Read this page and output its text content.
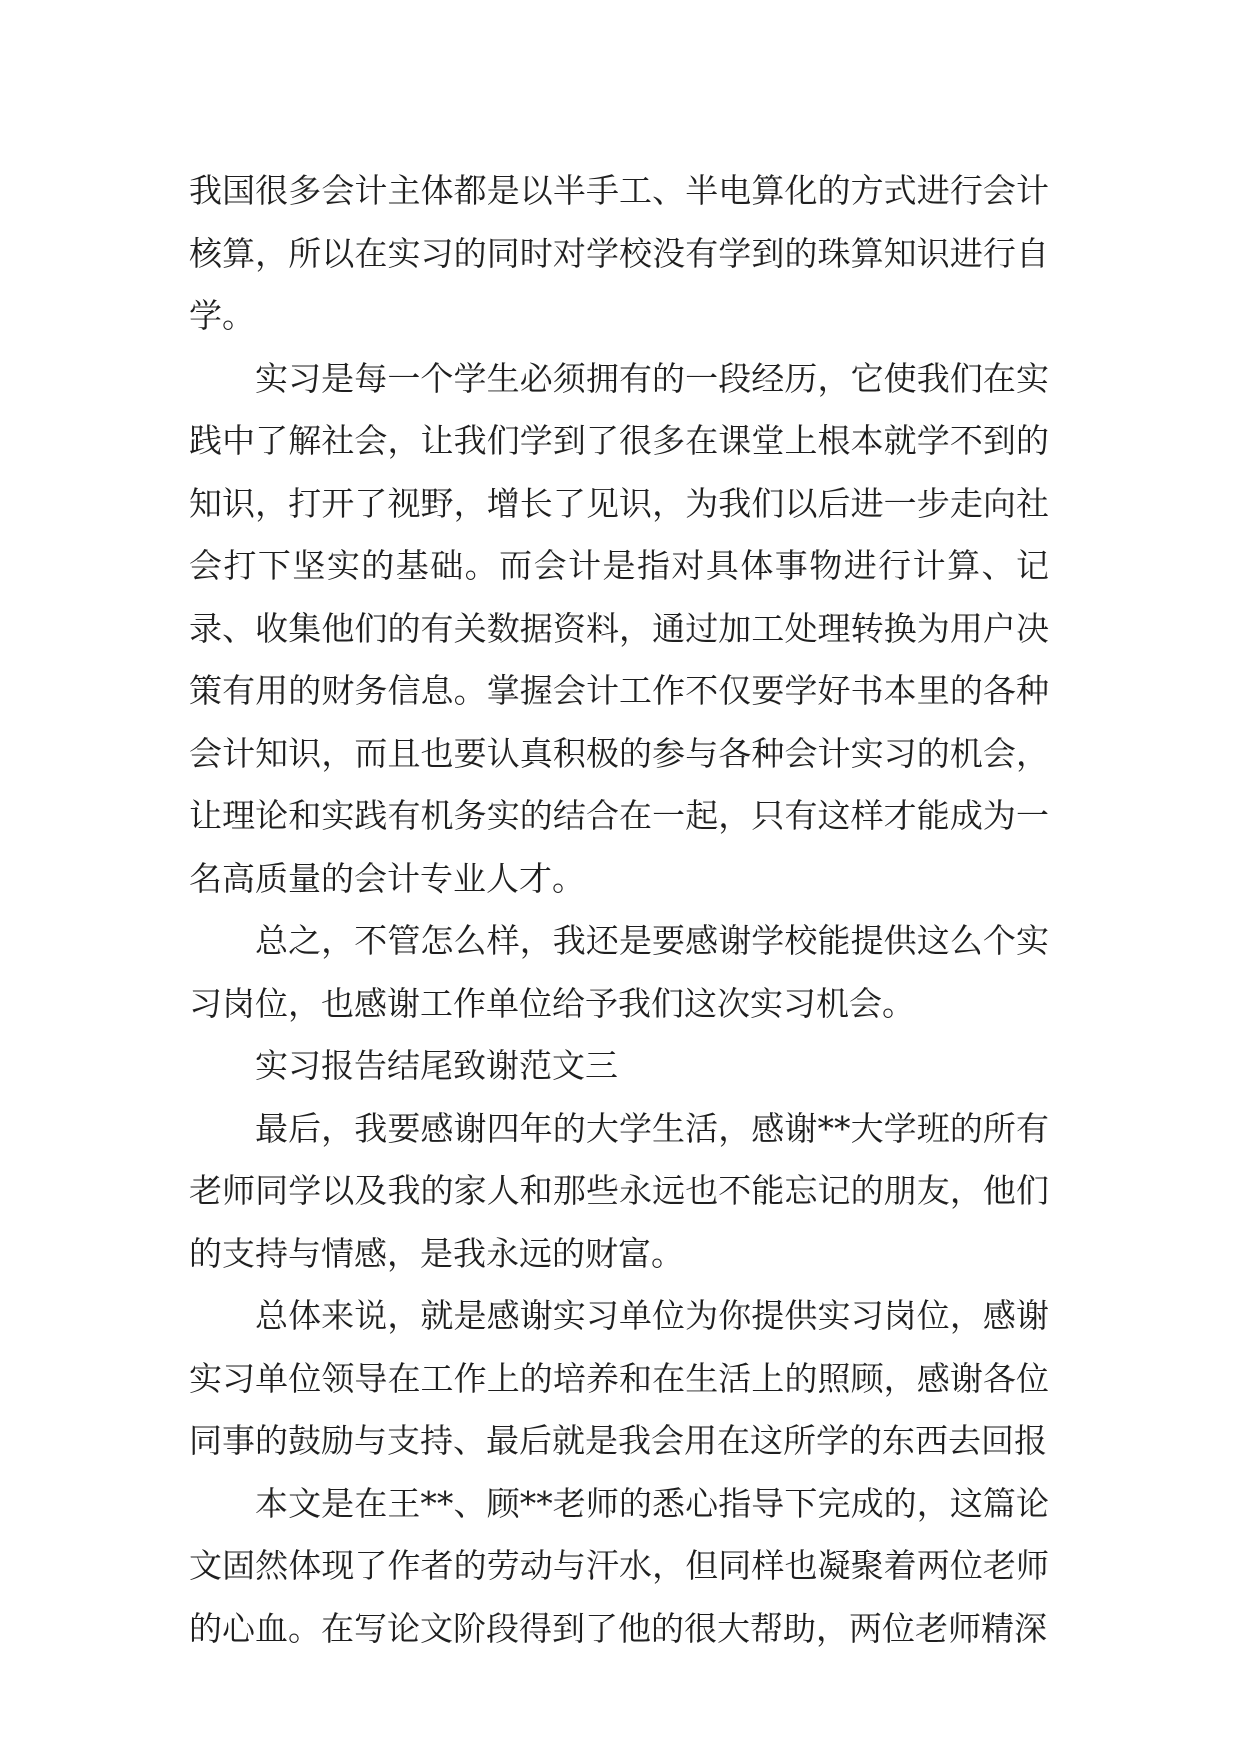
我国很多会计主体都是以半手工、半电算化的方式进行会计核算，所以在实习的同时对学校没有学到的珠算知识进行自学。

实习是每一个学生必须拥有的一段经历，它使我们在实践中了解社会，让我们学到了很多在课堂上根本就学不到的知识，打开了视野，增长了见识，为我们以后进一步走向社会打下坚实的基础。而会计是指对具体事物进行计算、记录、收集他们的有关数据资料，通过加工处理转换为用户决策有用的财务信息。掌握会计工作不仅要学好书本里的各种会计知识，而且也要认真积极的参与各种会计实习的机会，让理论和实践有机务实的结合在一起，只有这样才能成为一名高质量的会计专业人才。

总之，不管怎么样，我还是要感谢学校能提供这么个实习岗位，也感谢工作单位给予我们这次实习机会。

实习报告结尾致谢范文三

最后，我要感谢四年的大学生活，感谢**大学班的所有老师同学以及我的家人和那些永远也不能忘记的朋友，他们的支持与情感，是我永远的财富。

总体来说，就是感谢实习单位为你提供实习岗位，感谢实习单位领导在工作上的培养和在生活上的照顾，感谢各位同事的鼓励与支持、最后就是我会用在这所学的东西去回报

本文是在王**、顾**老师的悉心指导下完成的，这篇论文固然体现了作者的劳动与汗水，但同样也凝聚着两位老师的心血。在写论文阶段得到了他的很大帮助，两位老师精深
